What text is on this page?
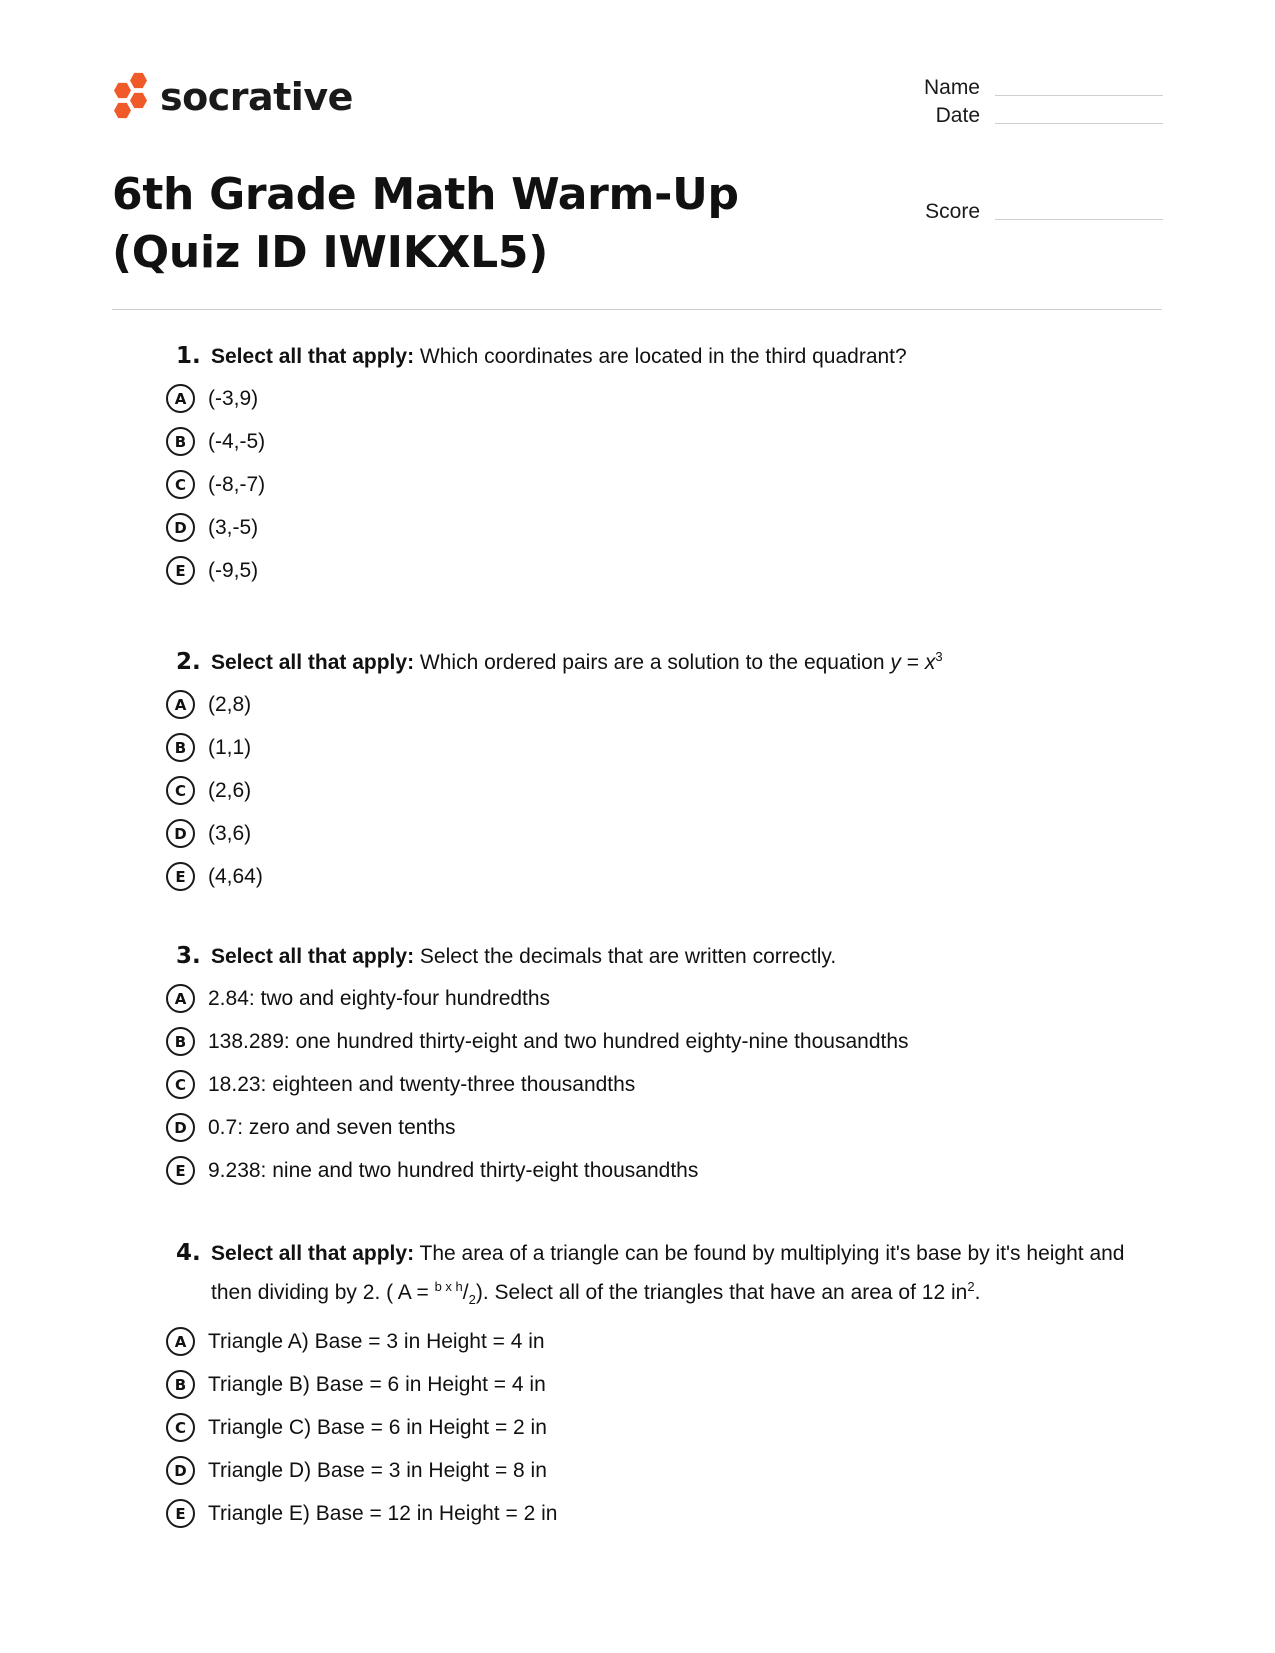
socrative	Name
Date
Score
6th Grade Math Warm-Up (Quiz ID IWIKXL5)
1. Select all that apply: Which coordinates are located in the third quadrant?
A	(-3,9)
B	(-4,-5)
C	(-8,-7)
D	(3,-5)
E	(-9,5)
2. Select all that apply: Which ordered pairs are a solution to the equation $y = x^3$
A	(2,8)
B	(1,1)
C	(2,6)
D	(3,6)
E	(4,64)
3. Select all that apply: Select the decimals that are written correctly.
A	2.84: two and eighty-four hundredths
B	138.289: one hundred thirty-eight and two hundred eighty-nine thousandths
C	18.23: eighteen and twenty-three thousandths
D	0.7: zero and seven tenths
E	9.238: nine and two hundred thirty-eight thousandths
4. Select all that apply: The area of a triangle can be found by multiplying it's base by it's height and then dividing by 2. ( $A = ^{b x h}/_2$). Select all of the triangles that have an area of 12 $in^2$.
A	Triangle A) Base = 3 in Height = 4 in
B	Triangle B) Base = 6 in Height = 4 in
C	Triangle C) Base = 6 in Height = 2 in
D	Triangle D) Base = 3 in Height = 8 in
E	Triangle E) Base = 12 in Height = 2 in
